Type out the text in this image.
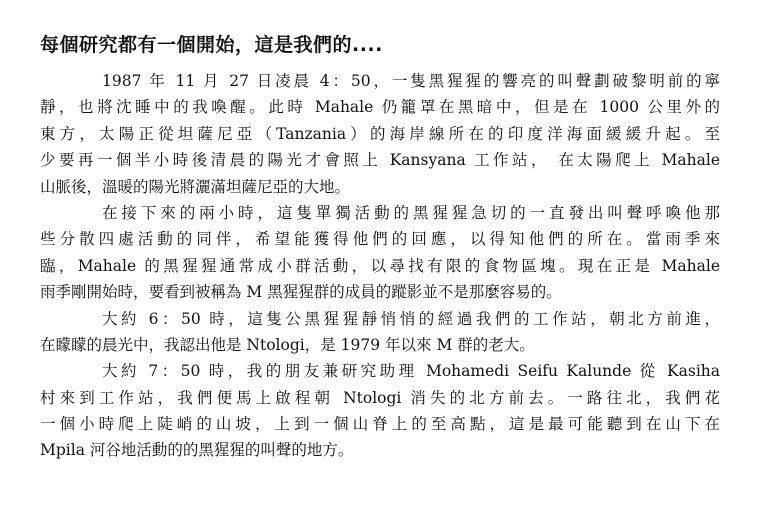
每個研究都有一個開始，這是我們的....
1987 年 11 月 27 日凌晨 4：50，一隻黑猩猩的響亮的叫聲劃破黎明前的寧
靜，也將沈睡中的我喚醒。此時 Mahale 仍籠罩在黑暗中，但是在 1000 公里外的
東方，太陽正從坦薩尼亞（Tanzania）的海岸線所在的印度洋海面緩緩升起。至
少要再一個半小時後清晨的陽光才會照上 Kansyana 工作站， 在太陽爬上 Mahale
山脈後，溫暖的陽光將灑滿坦薩尼亞的大地。
在接下來的兩小時，這隻單獨活動的黑猩猩急切的一直發出叫聲呼喚他那
些分散四處活動的同伴，希望能獲得他們的回應，以得知他們的所在。當雨季來
臨，Mahale 的黑猩猩通常成小群活動，以尋找有限的食物區塊。現在正是 Mahale
雨季剛開始時，要看到被稱為 M 黑猩猩群的成員的蹤影並不是那麼容易的。
大約 6：50 時，這隻公黑猩猩靜悄悄的經過我們的工作站，朝北方前進，
在矇矇的晨光中，我認出他是 Ntologi，是 1979 年以來 M 群的老大。
大約 7：50 時，我的朋友兼研究助理 Mohamedi Seifu Kalunde 從 Kasiha
村來到工作站，我們便馬上啟程朝 Ntologi 消失的北方前去。一路往北，我們花
一個小時爬上陡峭的山坡，上到一個山脊上的至高點，這是最可能聽到在山下在
Mpila 河谷地活動的的黑猩猩的叫聲的地方。
